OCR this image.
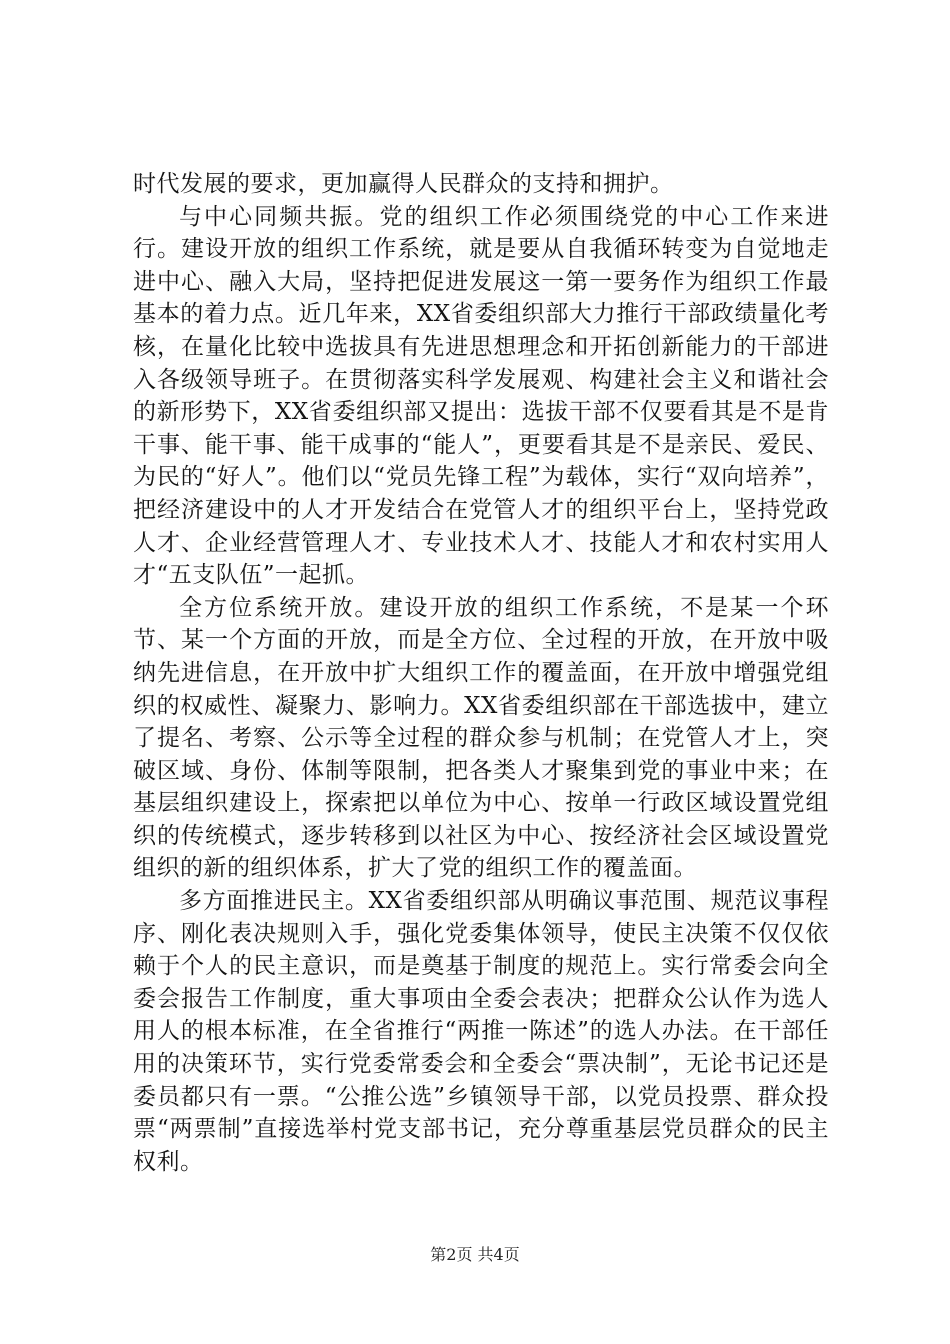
时代发展的要求，更加赢得人民群众的支持和拥护。

与中心同频共振。党的组织工作必须围绕党的中心工作来进行。建设开放的组织工作系统，就是要从自我循环转变为自觉地走进中心、融入大局，坚持把促进发展这一第一要务作为组织工作最基本的着力点。近几年来，XX省委组织部大力推行干部政绩量化考核，在量化比较中选拔具有先进思想理念和开拓创新能力的干部进入各级领导班子。在贯彻落实科学发展观、构建社会主义和谐社会的新形势下，XX省委组织部又提出：选拔干部不仅要看其是不是肯干事、能干事、能干成事的“能人”，更要看其是不是亲民、爱民、为民的“好人”。他们以“党员先锋工程”为载体，实行“双向培养”，把经济建设中的人才开发结合在党管人才的组织平台上，坚持党政人才、企业经营管理人才、专业技术人才、技能人才和农村实用人才“五支队伍”一起抓。

全方位系统开放。建设开放的组织工作系统，不是某一个环节、某一个方面的开放，而是全方位、全过程的开放，在开放中吸纳先进信息，在开放中扩大组织工作的覆盖面，在开放中增强党组织的权威性、凝聚力、影响力。XX省委组织部在干部选拔中，建立了提名、考察、公示等全过程的群众参与机制；在党管人才上，突破区域、身份、体制等限制，把各类人才聚集到党的事业中来；在基层组织建设上，探索把以单位为中心、按单一行政区域设置党组织的传统模式，逐步转移到以社区为中心、按经济社会区域设置党组织的新的组织体系，扩大了党的组织工作的覆盖面。

多方面推进民主。XX省委组织部从明确议事范围、规范议事程序、刚化表决规则入手，强化党委集体领导，使民主决策不仅仅依赖于个人的民主意识，而是奠基于制度的规范上。实行常委会向全委会报告工作制度，重大事项由全委会表决；把群众公认作为选人用人的根本标准，在全省推行“两推一陈述”的选人办法。在干部任用的决策环节，实行党委常委会和全委会“票决制”，无论书记还是委员都只有一票。“公推公选”乡镇领导干部，以党员投票、群众投票“两票制”直接选举村党支部书记，充分尊重基层党员群众的民主权利。

第2页 共4页
